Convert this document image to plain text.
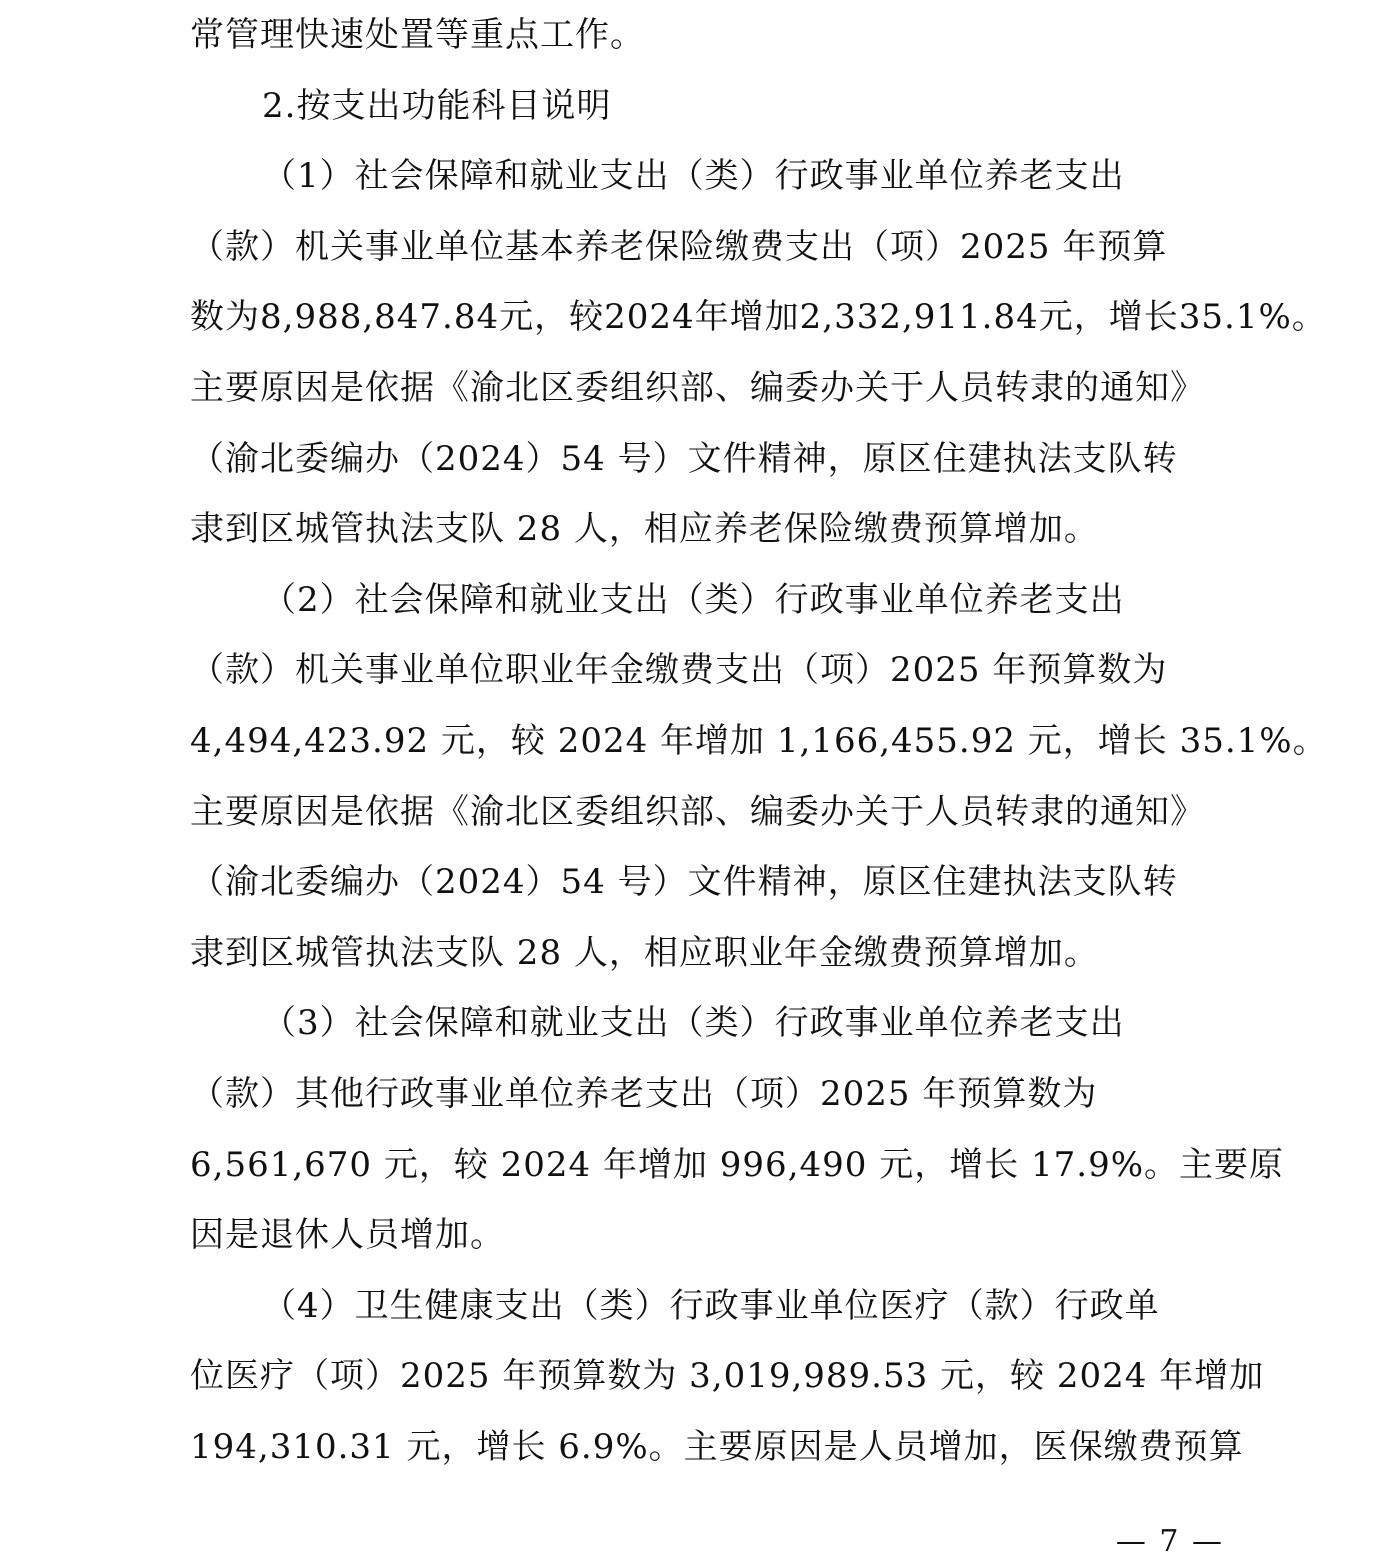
常管理快速处置等重点工作。
2.按支出功能科目说明
（1）社会保障和就业支出（类）行政事业单位养老支出
（款）机关事业单位基本养老保险缴费支出（项）2025 年预算
数为8,988,847.84元，较2024年增加2,332,911.84元，增长35.1%。
主要原因是依据《渝北区委组织部、编委办关于人员转隶的通知》
（渝北委编办（2024）54 号）文件精神，原区住建执法支队转
隶到区城管执法支队 28 人，相应养老保险缴费预算增加。
（2）社会保障和就业支出（类）行政事业单位养老支出
（款）机关事业单位职业年金缴费支出（项）2025 年预算数为
4,494,423.92 元，较 2024 年增加 1,166,455.92 元，增长 35.1%。
主要原因是依据《渝北区委组织部、编委办关于人员转隶的通知》
（渝北委编办（2024）54 号）文件精神，原区住建执法支队转
隶到区城管执法支队 28 人，相应职业年金缴费预算增加。
（3）社会保障和就业支出（类）行政事业单位养老支出
（款）其他行政事业单位养老支出（项）2025 年预算数为
6,561,670 元，较 2024 年增加 996,490 元，增长 17.9%。主要原
因是退休人员增加。
（4）卫生健康支出（类）行政事业单位医疗（款）行政单
位医疗（项）2025 年预算数为 3,019,989.53 元，较 2024 年增加
194,310.31 元，增长 6.9%。主要原因是人员增加，医保缴费预算
— 7 —
